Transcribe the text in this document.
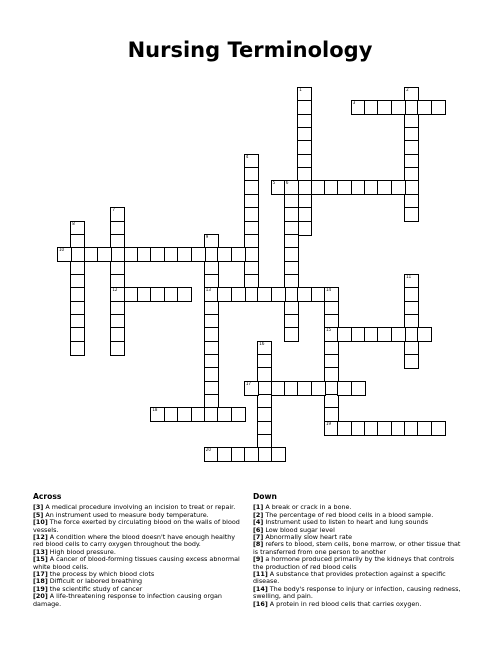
Nursing Terminology
1	2
3
4
5	6
7
12
8
9
13
10
11
14
15
16
17
18
19
20
Across

[3] A medical procedure involving an incision to treat or repair.

[5] An instrument used to measure body temperature.

[10] The force exerted by circulating blood on the walls of blood vessels.

[12] A condition where the blood doesn't have enough healthy red blood cells to carry oxygen throughout the body.

[13] High blood pressure.

[15] A cancer of blood-forming tissues causing excess abnormal white blood cells.

[17] the process by which blood clots

[18] Difficult or labored breathing

[19] the scientific study of cancer

[20] A life-threatening response to infection causing organ damage.

Down

[1] A break or crack in a bone.

[2] The percentage of red blood cells in a blood sample.

[4] Instrument used to listen to heart and lung sounds

[6] Low blood sugar level

[7] Abnormally slow heart rate

[8] refers to blood, stem cells, bone marrow, or other tissue that is transferred from one person to another

[9] a hormone produced primarily by the kidneys that controls the production of red blood cells

[11] A substance that provides protection against a specific disease.

[14] The body's response to injury or infection, causing redness, swelling, and pain.

[16] A protein in red blood cells that carries oxygen.
